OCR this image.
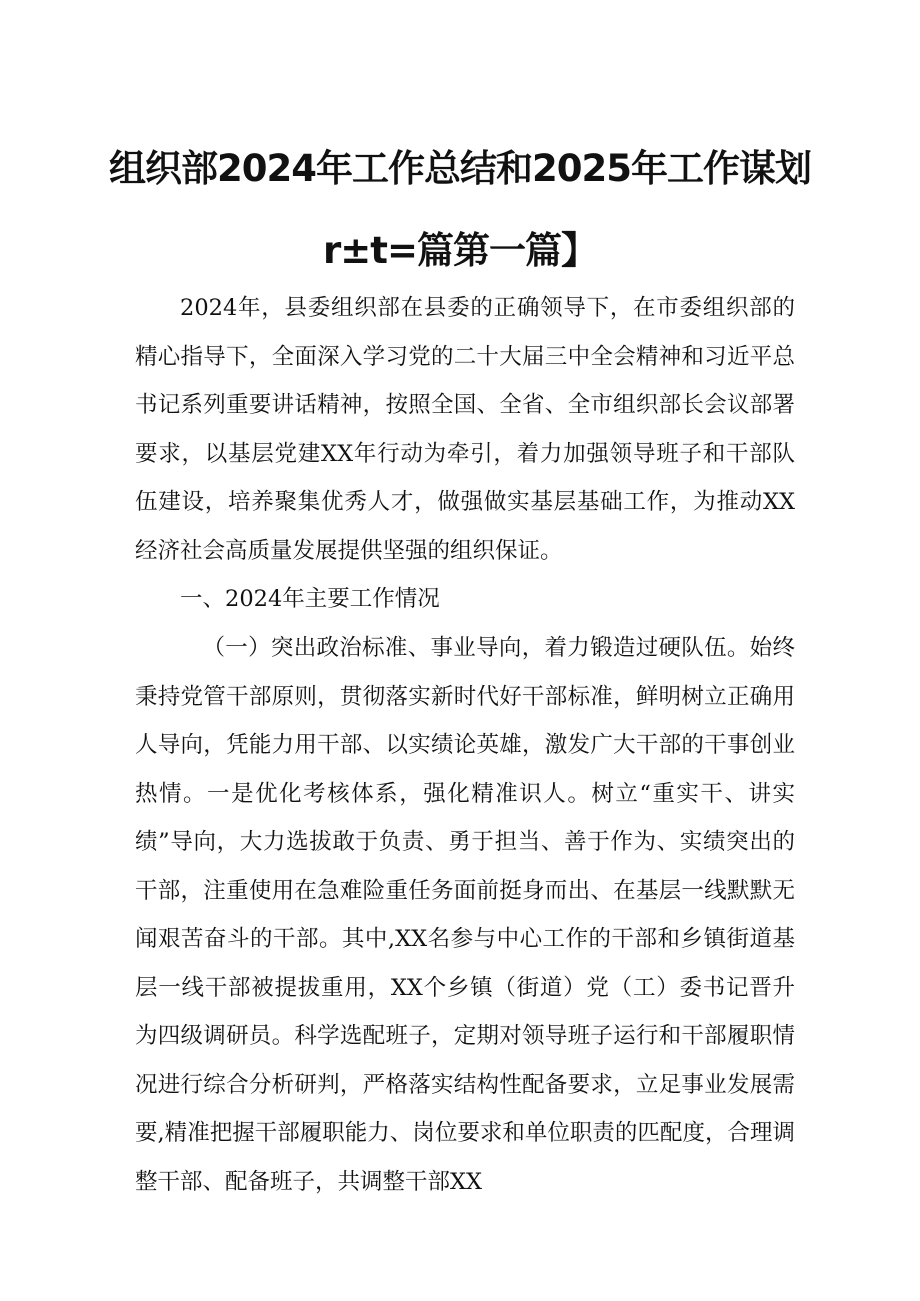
组织部2024年工作总结和2025年工作谋划
r±t=篇第一篇】

2024年，县委组织部在县委的正确领导下，在市委组织部的精心指导下，全面深入学习党的二十大届三中全会精神和习近平总书记系列重要讲话精神，按照全国、全省、全市组织部长会议部署要求，以基层党建XX年行动为牵引，着力加强领导班子和干部队伍建设，培养聚集优秀人才，做强做实基层基础工作，为推动XX经济社会高质量发展提供坚强的组织保证。

一、2024年主要工作情况

（一）突出政治标准、事业导向，着力锻造过硬队伍。始终秉持党管干部原则，贯彻落实新时代好干部标准，鲜明树立正确用人导向，凭能力用干部、以实绩论英雄，激发广大干部的干事创业热情。一是优化考核体系，强化精准识人。树立“重实干、讲实绩”导向，大力选拔敢于负责、勇于担当、善于作为、实绩突出的干部，注重使用在急难险重任务面前挺身而出、在基层一线默默无闻艰苦奋斗的干部。其中,XX名参与中心工作的干部和乡镇街道基层一线干部被提拔重用，XX个乡镇（街道）党（工）委书记晋升为四级调研员。科学选配班子，定期对领导班子运行和干部履职情况进行综合分析研判，严格落实结构性配备要求，立足事业发展需要,精准把握干部履职能力、岗位要求和单位职责的匹配度，合理调整干部、配备班子，共调整干部XX
